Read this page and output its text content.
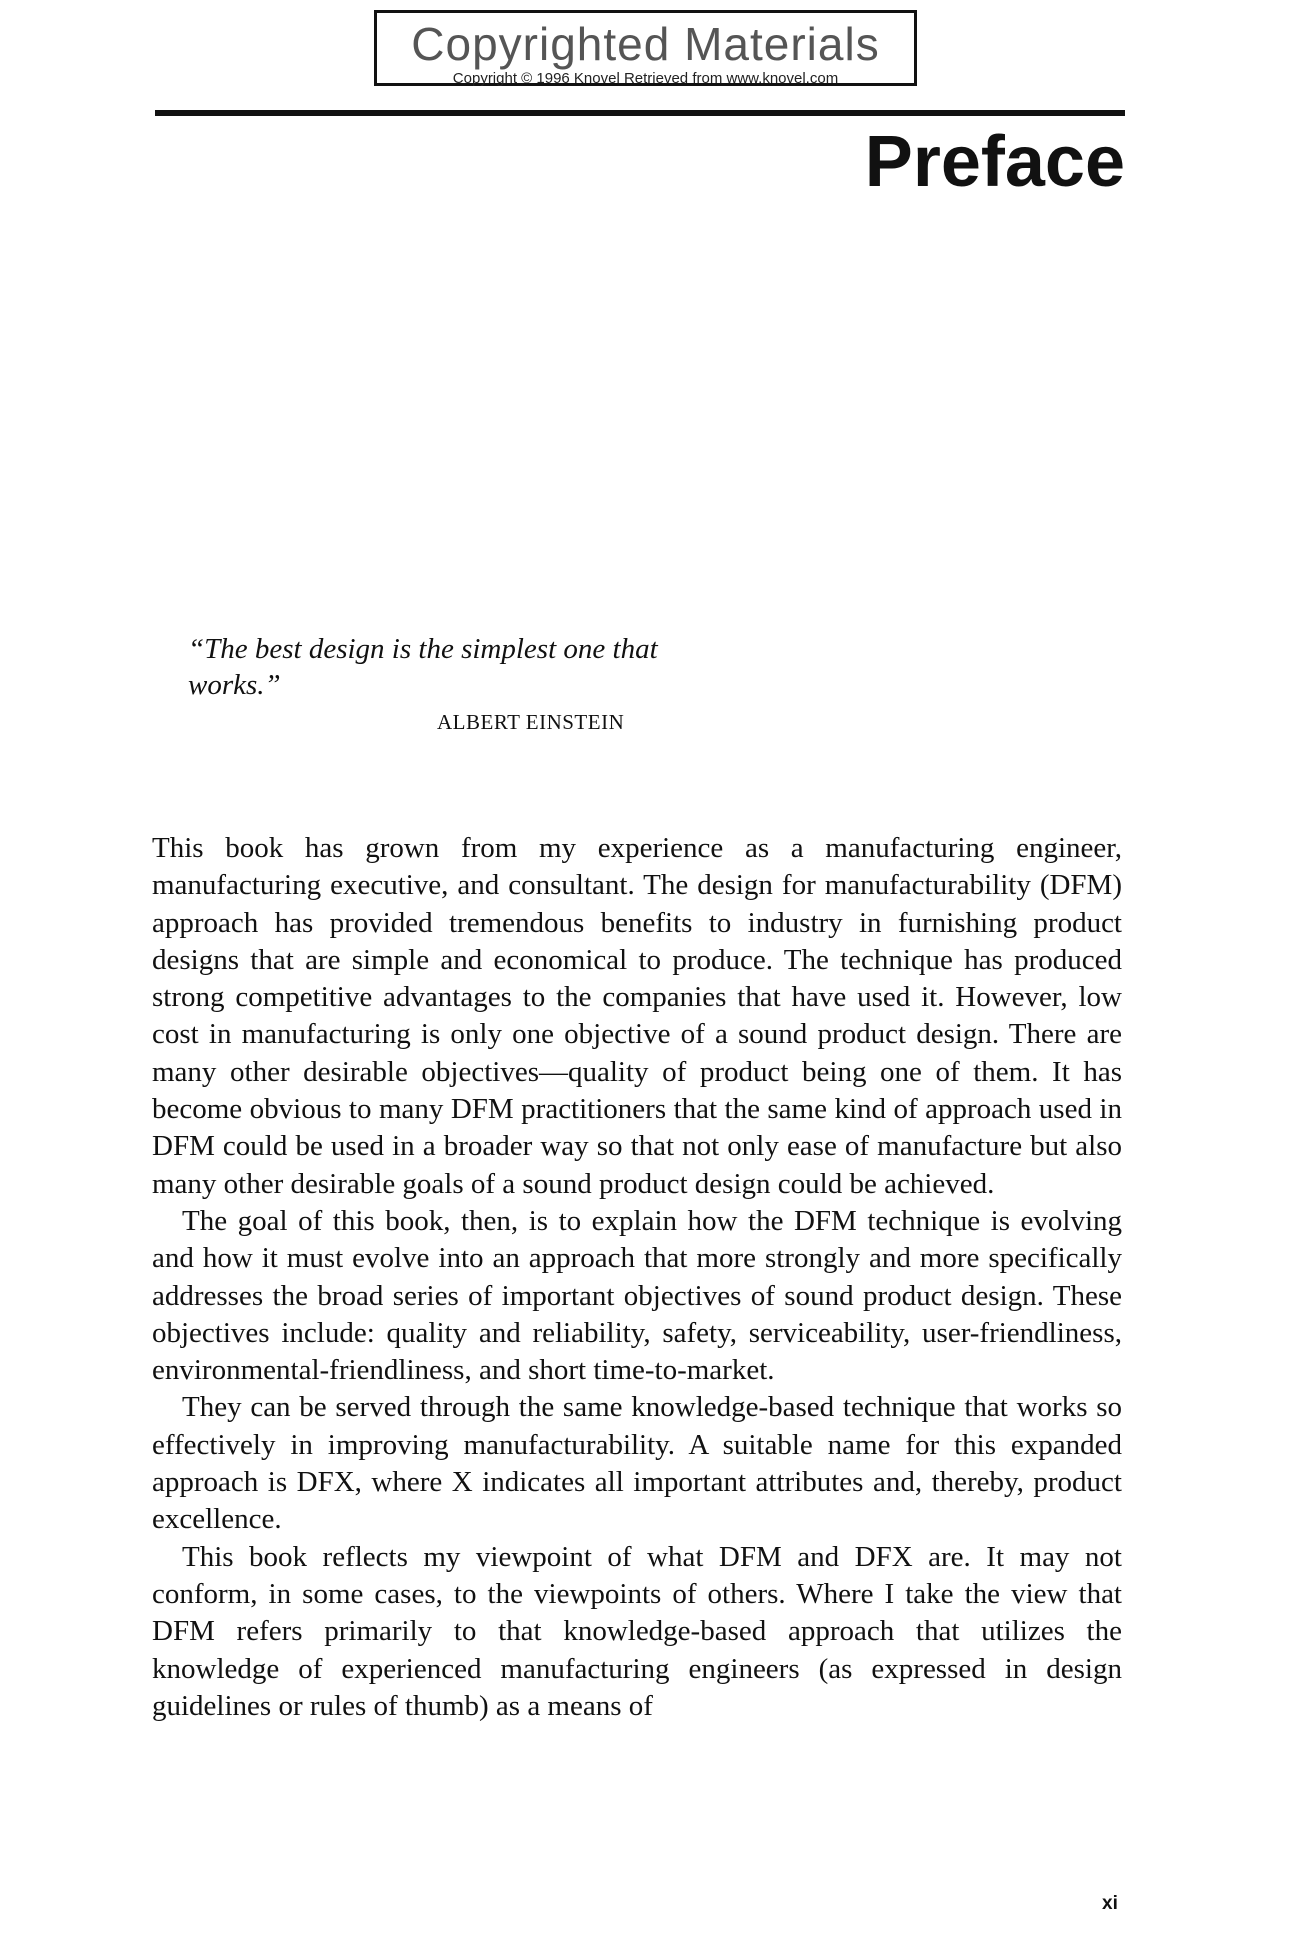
Copyrighted Materials
Copyright © 1996 Knovel Retrieved from www.knovel.com
Preface
“The best design is the simplest one that works.”
ALBERT EINSTEIN

This book has grown from my experience as a manufacturing engineer, manufacturing executive, and consultant. The design for manufacturability (DFM) approach has provided tremendous benefits to industry in furnishing product designs that are simple and economical to produce. The technique has produced strong competitive advantages to the companies that have used it. However, low cost in manufacturing is only one objective of a sound product design. There are many other desirable objectives—quality of product being one of them. It has become obvious to many DFM practitioners that the same kind of approach used in DFM could be used in a broader way so that not only ease of manufacture but also many other desirable goals of a sound product design could be achieved.

The goal of this book, then, is to explain how the DFM technique is evolving and how it must evolve into an approach that more strongly and more specifically addresses the broad series of important objectives of sound product design. These objectives include: quality and reliability, safety, serviceability, user-friendliness, environmental-friendliness, and short time-to-market.

They can be served through the same knowledge-based technique that works so effectively in improving manufacturability. A suitable name for this expanded approach is DFX, where X indicates all important attributes and, thereby, product excellence.

This book reflects my viewpoint of what DFM and DFX are. It may not conform, in some cases, to the viewpoints of others. Where I take the view that DFM refers primarily to that knowledge-based approach that utilizes the knowledge of experienced manufacturing engineers (as expressed in design guidelines or rules of thumb) as a means of

xi
